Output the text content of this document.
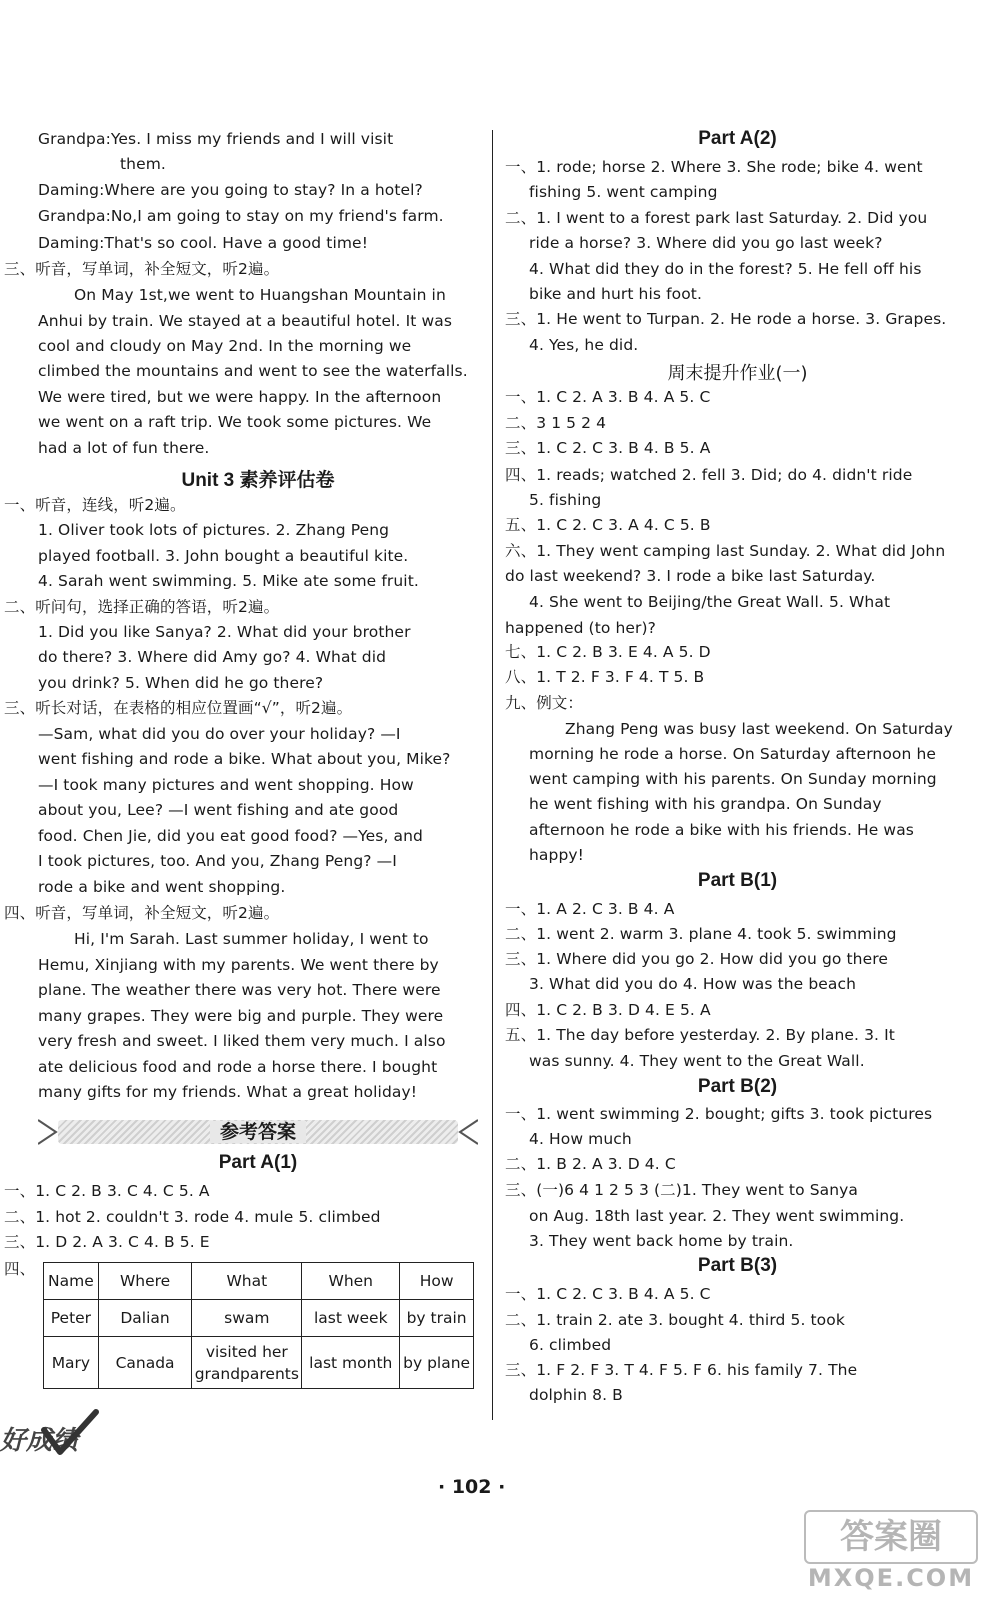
Grandpa:Yes. I miss my friends and I will visit
them.
Daming:Where are you going to stay? In a hotel?
Grandpa:No,I am going to stay on my friend's farm.
Daming:That's so cool. Have a good time!
三、听音，写单词，补全短文，听2遍。
On May 1st,we went to Huangshan Mountain in
Anhui by train. We stayed at a beautiful hotel. It was
cool and cloudy on May 2nd. In the morning we
climbed the mountains and went to see the waterfalls.
We were tired, but we were happy. In the afternoon
we went on a raft trip. We took some pictures. We
had a lot of fun there.
Unit 3 素养评估卷
一、听音，连线，听2遍。
1. Oliver took lots of pictures. 2. Zhang Peng
played football. 3. John bought a beautiful kite.
4. Sarah went swimming. 5. Mike ate some fruit.
二、听问句，选择正确的答语，听2遍。
1. Did you like Sanya? 2. What did your brother
do there? 3. Where did Amy go? 4. What did
you drink? 5. When did he go there?
三、听长对话，在表格的相应位置画“√”，听2遍。
—Sam, what did you do over your holiday? —I
went fishing and rode a bike. What about you, Mike?
—I took many pictures and went shopping. How
about you, Lee? —I went fishing and ate good
food. Chen Jie, did you eat good food? —Yes, and
I took pictures, too. And you, Zhang Peng? —I
rode a bike and went shopping.
四、听音，写单词，补全短文，听2遍。
Hi, I'm Sarah. Last summer holiday, I went to
Hemu, Xinjiang with my parents. We went there by
plane. The weather there was very hot. There were
many grapes. They were big and purple. They were
very fresh and sweet. I liked them very much. I also
ate delicious food and rode a horse there. I bought
many gifts for my friends. What a great holiday!
参考答案
Part A(1)
一、1. C 2. B 3. C 4. C 5. A
二、1. hot 2. couldn't 3. rode 4. mule 5. climbed
三、1. D 2. A 3. C 4. B 5. E
四、
Name	Where	What	When	How
Peter	Dalian	swam	last week	by train
Mary	Canada	visited her grandparents	last month	by plane
Part A(2)
一、1. rode; horse 2. Where 3. She rode; bike 4. went
fishing 5. went camping
二、1. I went to a forest park last Saturday. 2. Did you
ride a horse? 3. Where did you go last week?
4. What did they do in the forest? 5. He fell off his
bike and hurt his foot.
三、1. He went to Turpan. 2. He rode a horse. 3. Grapes.
4. Yes, he did.
周末提升作业(一)
一、1. C 2. A 3. B 4. A 5. C
二、3 1 5 2 4
三、1. C 2. C 3. B 4. B 5. A
四、1. reads; watched 2. fell 3. Did; do 4. didn't ride
5. fishing
五、1. C 2. C 3. A 4. C 5. B
六、1. They went camping last Sunday. 2. What did John
do last weekend? 3. I rode a bike last Saturday.
4. She went to Beijing/the Great Wall. 5. What
happened (to her)?
七、1. C 2. B 3. E 4. A 5. D
八、1. T 2. F 3. F 4. T 5. B
九、例文：
Zhang Peng was busy last weekend. On Saturday
morning he rode a horse. On Saturday afternoon he
went camping with his parents. On Sunday morning
he went fishing with his grandpa. On Sunday
afternoon he rode a bike with his friends. He was
happy!
Part B(1)
一、1. A 2. C 3. B 4. A
二、1. went 2. warm 3. plane 4. took 5. swimming
三、1. Where did you go 2. How did you go there
3. What did you do 4. How was the beach
四、1. C 2. B 3. D 4. E 5. A
五、1. The day before yesterday. 2. By plane. 3. It
was sunny. 4. They went to the Great Wall.
Part B(2)
一、1. went swimming 2. bought; gifts 3. took pictures
4. How much
二、1. B 2. A 3. D 4. C
三、(一)6 4 1 2 5 3 (二)1. They went to Sanya
on Aug. 18th last year. 2. They went swimming.
3. They went back home by train.
Part B(3)
一、1. C 2. C 3. B 4. A 5. C
二、1. train 2. ate 3. bought 4. third 5. took
6. climbed
三、1. F 2. F 3. T 4. F 5. F 6. his family 7. The
dolphin 8. B
好成绩
· 102 ·
答案圈
MXQE.COM
